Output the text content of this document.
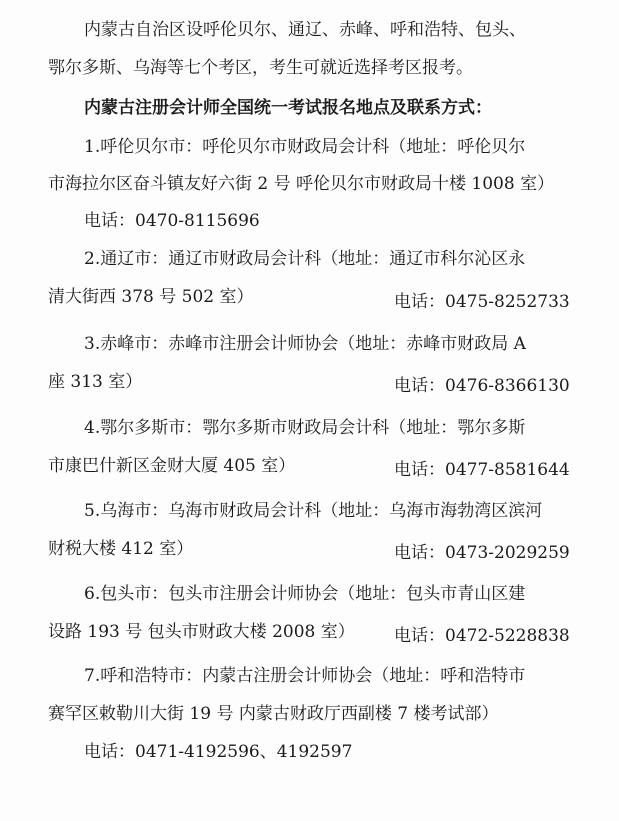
内蒙古自治区设呼伦贝尔、通辽、赤峰、呼和浩特、包头、
鄂尔多斯、乌海等七个考区，考生可就近选择考区报考。
内蒙古注册会计师全国统一考试报名地点及联系方式：
1.呼伦贝尔市：呼伦贝尔市财政局会计科（地址：呼伦贝尔
市海拉尔区奋斗镇友好六街 2 号 呼伦贝尔市财政局十楼 1008 室）
电话：0470-8115696
2.通辽市：通辽市财政局会计科（地址：通辽市科尔沁区永
清大街西 378 号 502 室）	电话：0475-8252733
3.赤峰市：赤峰市注册会计师协会（地址：赤峰市财政局 A
座 313 室）	电话：0476-8366130
4.鄂尔多斯市：鄂尔多斯市财政局会计科（地址：鄂尔多斯
市康巴什新区金财大厦 405 室）	电话：0477-8581644
5.乌海市：乌海市财政局会计科（地址：乌海市海勃湾区滨河
财税大楼 412 室）	电话：0473-2029259
6.包头市：包头市注册会计师协会（地址：包头市青山区建
设路 193 号 包头市财政大楼 2008 室） 电话：0472-5228838
7.呼和浩特市：内蒙古注册会计师协会（地址：呼和浩特市
赛罕区敕勒川大街 19 号 内蒙古财政厅西副楼 7 楼考试部）
电话：0471-4192596、4192597
